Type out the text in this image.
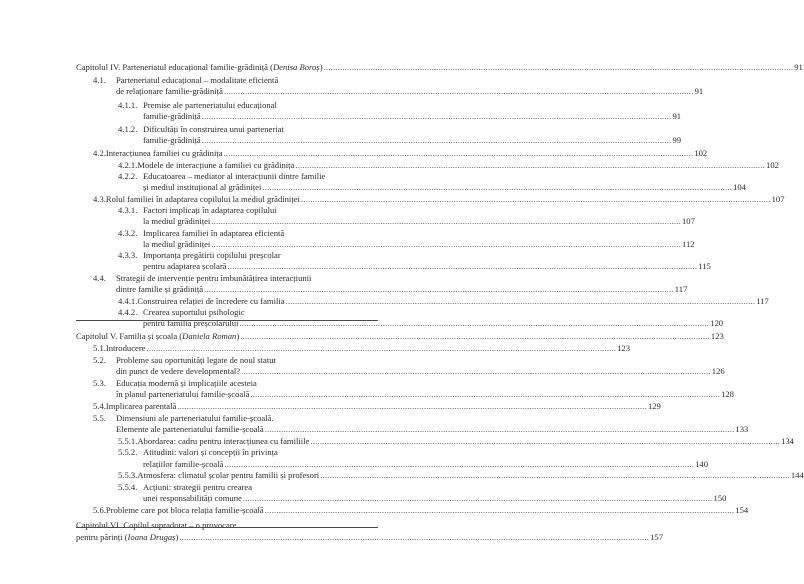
Capitolul IV. Parteneriatul educațional familie-grădiniță (Denisa Boroș) ........................................................................................................................................................................................................ 91
4.1.	Parteneriatul educațional – modalitate eficientă
de relaționare familie-grădiniță ........................................................................................................................................................................................................ 91
4.1.1. Premise ale parteneriatului educațional
familie-grădiniță ........................................................................................................................................................................................................ 91
4.1.2. Dificultăți în construirea unui parteneriat
familie-grădiniță ........................................................................................................................................................................................................ 99
4.2. Interacțiunea familiei cu grădinița ........................................................................................................................................................................................................ 102
4.2.1. Modele de interacțiune a familiei cu grădinița ........................................................................................................................................................................................................ 102
4.2.2. Educatoarea – mediator al interacțiunii dintre familie
și mediul instituțional al grădiniței ........................................................................................................................................................................................................ 104
4.3. Rolul familiei în adaptarea copilului la mediul grădiniței ........................................................................................................................................................................................................ 107
4.3.1. Factori implicați în adaptarea copilului
la mediul grădiniței ........................................................................................................................................................................................................ 107
4.3.2. Implicarea familiei în adaptarea eficientă
la mediul grădiniței ........................................................................................................................................................................................................ 112
4.3.3. Importanța pregătirii copilului preșcolar
pentru adaptarea școlară ........................................................................................................................................................................................................ 115
4.4.	Strategii de intervenție pentru îmbunătățirea interacțiunii
dintre familie și grădiniță ........................................................................................................................................................................................................ 117
4.4.1. Construirea relației de încredere cu familia ........................................................................................................................................................................................................ 117
4.4.2. Crearea suportului psihologic
pentru familia preșcolarului ........................................................................................................................................................................................................ 120
Capitolul V. Familia și școala (Daniela Roman) ........................................................................................................................................................................................................ 123
5.1. Introducere ........................................................................................................................................................................................................ 123
5.2.	Probleme sau oportunități legate de noul statut
din punct de vedere developmental? ........................................................................................................................................................................................................ 126
5.3.	Educația modernă și implicațiile acesteia
în planul parteneriatului familie-școală ........................................................................................................................................................................................................ 128
5.4. Implicarea parentală ........................................................................................................................................................................................................ 129
5.5.	Dimensiuni ale parteneriatului familie-școală.
Elemente ale parteneriatului familie-școală ........................................................................................................................................................................................................ 133
5.5.1. Abordarea: cadru pentru interacțiunea cu familiile ........................................................................................................................................................................................................ 134
5.5.2. Atitudini: valori și concepții în privința
relațiilor familie-școală ........................................................................................................................................................................................................ 140
5.5.3. Atmosfera: climatul școlar pentru familii și profesori ........................................................................................................................................................................................................ 144
5.5.4. Acțiuni: strategii pentru crearea
unei responsabilități comune ........................................................................................................................................................................................................ 150
5.6. Probleme care pot bloca relația familie-școală ........................................................................................................................................................................................................ 154
Capitolul VI. Copilul supradotat – o provocare
pentru părinți (Ioana Drugaș) ........................................................................................................................................................................................................ 157
